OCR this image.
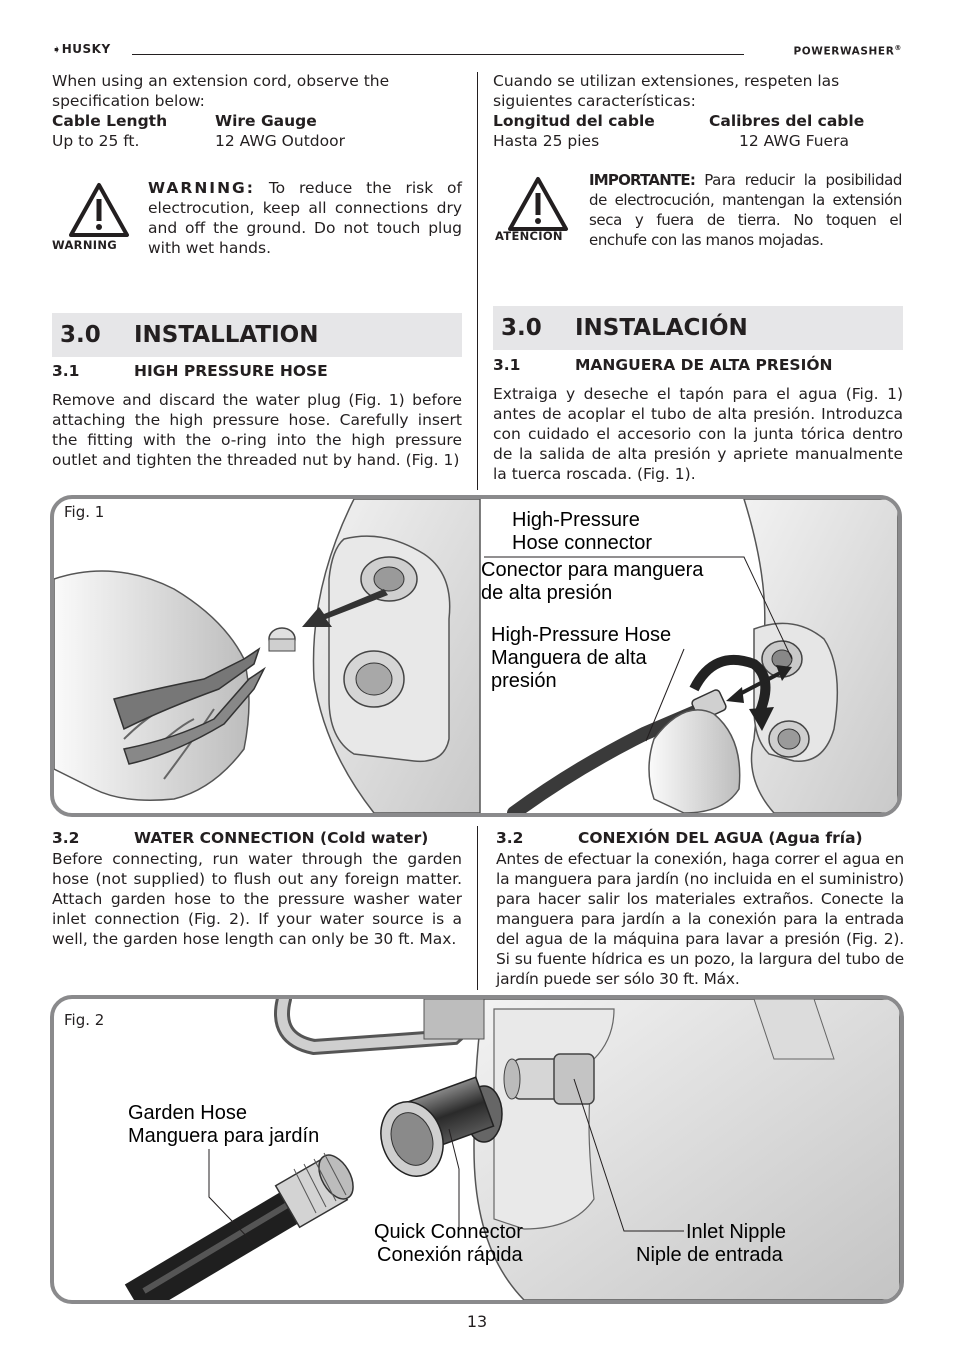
➧HUSKY	POWERWASHER®
When using an extension cord, observe the specification below:
Cable Length	Wire Gauge
Up to 25 ft.	12 AWG Outdoor
WARNING
WARNING: To reduce the risk of electrocution, keep all connections dry and off the ground. Do not touch plug with wet hands.
Cuando se utilizan extensiones, respeten las siguientes características:
Longitud del cable	Calibres del cable
Hasta 25 pies	12 AWG Fuera
ATENCIÓN
IMPORTANTE: Para reducir la posibilidad de electrocución, mantengan la extensión seca y fuera de tierra. No toquen el enchufe con las manos mojadas.
3.0 INSTALLATION	3.0 INSTALACIÓN
3.1	HIGH PRESSURE HOSE	3.1	MANGUERA DE ALTA PRESIÓN
Remove and discard the water plug (Fig. 1) before attaching the high pressure hose. Carefully insert the fitting with the o-ring into the high pressure outlet and tighten the threaded nut by hand. (Fig. 1)
Extraiga y deseche el tapón para el agua (Fig. 1) antes de acoplar el tubo de alta presión. Introduzca con cuidado el accesorio con la junta tórica dentro de la salida de alta presión y apriete manualmente la tuerca roscada. (Fig. 1).
Fig. 1	High-Pressure
Hose connector
Conector para manguera
de alta presión
High-Pressure Hose
Manguera de alta
presión
3.2	WATER CONNECTION (Cold water)	3.2	CONEXIÓN DEL AGUA (Agua fría)
Before connecting, run water through the garden hose (not supplied) to flush out any foreign matter. Attach garden hose to the pressure washer water inlet connection (Fig. 2). If your water source is a well, the garden hose length can only be 30 ft. Max.
Antes de efectuar la conexión, haga correr el agua en la manguera para jardín (no incluida en el suministro) para hacer salir los materiales extraños. Conecte la manguera para jardín a la conexión para la entrada del agua de la máquina para lavar a presión (Fig. 2). Si su fuente hídrica es un pozo, la largura del tubo de jardín puede ser sólo 30 ft. Máx.
Fig. 2
Garden Hose
Manguera para jardín
Quick Connector
Conexión rápida
Inlet Nipple
Niple de entrada
13
